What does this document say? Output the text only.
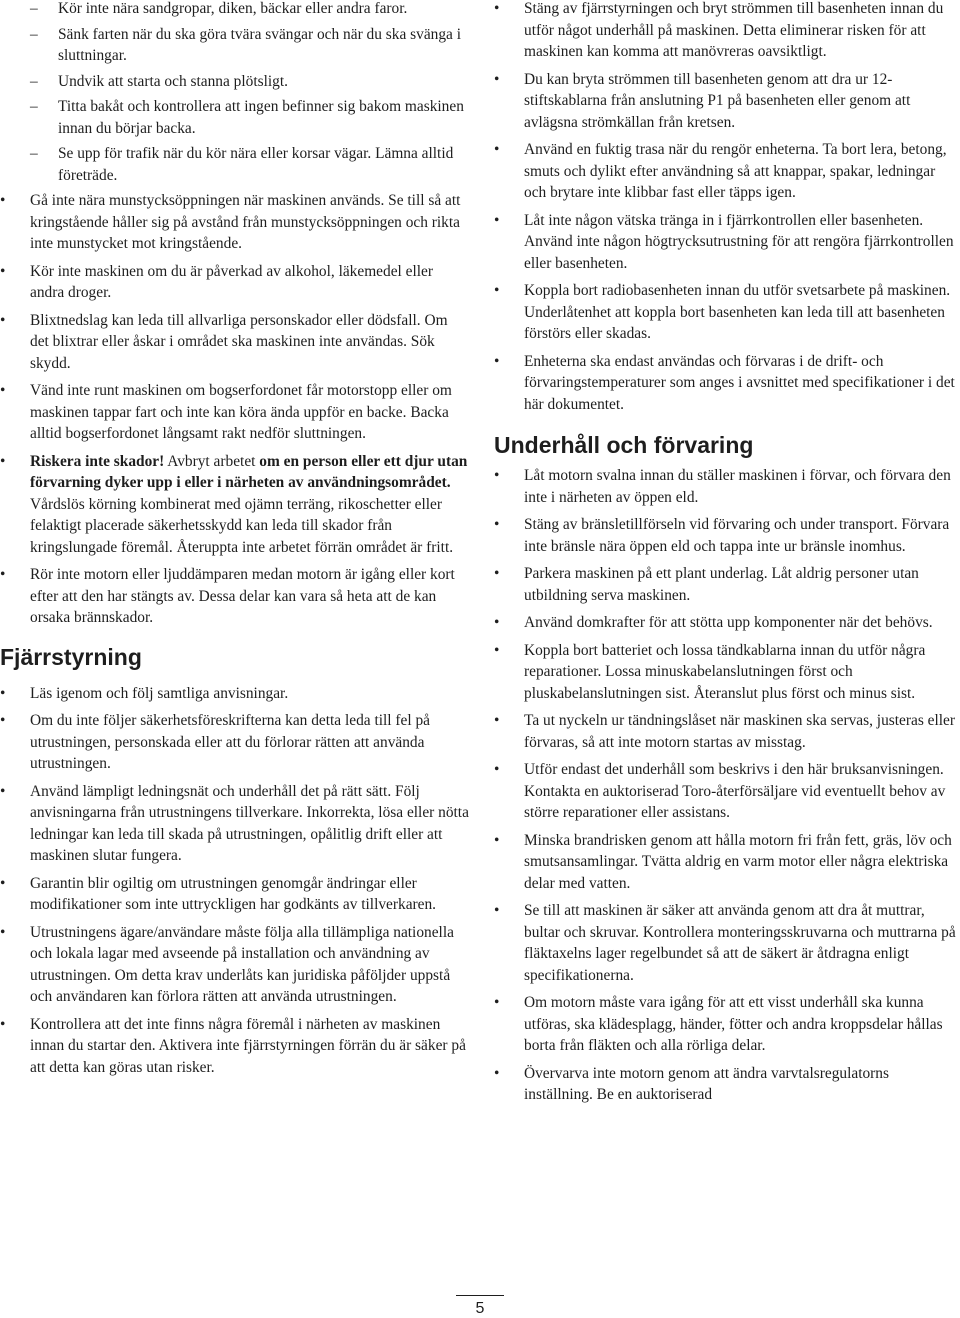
– Kör inte nära sandgropar, diken, bäckar eller andra faror.
– Sänk farten när du ska göra tvära svängar och när du ska svänga i sluttningar.
– Undvik att starta och stanna plötsligt.
– Titta bakåt och kontrollera att ingen befinner sig bakom maskinen innan du börjar backa.
– Se upp för trafik när du kör nära eller korsar vägar. Lämna alltid företräde.
• Gå inte nära munstycksöppningen när maskinen används. Se till så att kringstående håller sig på avstånd från munstycksöppningen och rikta inte munstycket mot kringstående.
• Kör inte maskinen om du är påverkad av alkohol, läkemedel eller andra droger.
• Blixtnedslag kan leda till allvarliga personskador eller dödsfall. Om det blixtrar eller åskar i området ska maskinen inte användas. Sök skydd.
• Vänd inte runt maskinen om bogserfordonet får motorstopp eller om maskinen tappar fart och inte kan köra ända uppför en backe. Backa alltid bogserfordonet långsamt rakt nedför sluttningen.
• Riskera inte skador! Avbryt arbetet om en person eller ett djur utan förvarning dyker upp i eller i närheten av användningsområdet. Vårdslös körning kombinerat med ojämn terräng, rikoschetter eller felaktigt placerade säkerhetsskydd kan leda till skador från kringslungade föremål. Återuppta inte arbetet förrän området är fritt.
• Rör inte motorn eller ljuddämparen medan motorn är igång eller kort efter att den har stängts av. Dessa delar kan vara så heta att de kan orsaka brännskador.
Fjärrstyrning
• Läs igenom och följ samtliga anvisningar.
• Om du inte följer säkerhetsföreskrifterna kan detta leda till fel på utrustningen, personskada eller att du förlorar rätten att använda utrustningen.
• Använd lämpligt ledningsnät och underhåll det på rätt sätt. Följ anvisningarna från utrustningens tillverkare. Inkorrekta, lösa eller nötta ledningar kan leda till skada på utrustningen, opålitlig drift eller att maskinen slutar fungera.
• Garantin blir ogiltig om utrustningen genomgår ändringar eller modifikationer som inte uttryckligen har godkänts av tillverkaren.
• Utrustningens ägare/användare måste följa alla tillämpliga nationella och lokala lagar med avseende på installation och användning av utrustningen. Om detta krav underlåts kan juridiska påföljder uppstå och användaren kan förlora rätten att använda utrustningen.
• Kontrollera att det inte finns några föremål i närheten av maskinen innan du startar den. Aktivera inte fjärrstyrningen förrän du är säker på att detta kan göras utan risker.
• Stäng av fjärrstyrningen och bryt strömmen till basenheten innan du utför något underhåll på maskinen. Detta eliminerar risken för att maskinen kan komma att manövreras oavsiktligt.
• Du kan bryta strömmen till basenheten genom att dra ur 12-stiftskablarna från anslutning P1 på basenheten eller genom att avlägsna strömkällan från kretsen.
• Använd en fuktig trasa när du rengör enheterna. Ta bort lera, betong, smuts och dylikt efter användning så att knappar, spakar, ledningar och brytare inte klibbar fast eller täpps igen.
• Låt inte någon vätska tränga in i fjärrkontrollen eller basenheten. Använd inte någon högtrycksutrustning för att rengöra fjärrkontrollen eller basenheten.
• Koppla bort radiobasenheten innan du utför svetsarbete på maskinen. Underlåtenhet att koppla bort basenheten kan leda till att basenheten förstörs eller skadas.
• Enheterna ska endast användas och förvaras i de drift- och förvaringstemperaturer som anges i avsnittet med specifikationer i det här dokumentet.
Underhåll och förvaring
• Låt motorn svalna innan du ställer maskinen i förvar, och förvara den inte i närheten av öppen eld.
• Stäng av bränsletillförseln vid förvaring och under transport. Förvara inte bränsle nära öppen eld och tappa inte ur bränsle inomhus.
• Parkera maskinen på ett plant underlag. Låt aldrig personer utan utbildning serva maskinen.
• Använd domkrafter för att stötta upp komponenter när det behövs.
• Koppla bort batteriet och lossa tändkablarna innan du utför några reparationer. Lossa minuskabelanslutningen först och pluskabelanslutningen sist. Återanslut plus först och minus sist.
• Ta ut nyckeln ur tändningslåset när maskinen ska servas, justeras eller förvaras, så att inte motorn startas av misstag.
• Utför endast det underhåll som beskrivs i den här bruksanvisningen. Kontakta en auktoriserad Toro-återförsäljare vid eventuellt behov av större reparationer eller assistans.
• Minska brandrisken genom att hålla motorn fri från fett, gräs, löv och smutsansamlingar. Tvätta aldrig en varm motor eller några elektriska delar med vatten.
• Se till att maskinen är säker att använda genom att dra åt muttrar, bultar och skruvar. Kontrollera monteringsskruvarna och muttrarna på fläktaxelns lager regelbundet så att de säkert är åtdragna enligt specifikationerna.
• Om motorn måste vara igång för att ett visst underhåll ska kunna utföras, ska klädesplagg, händer, fötter och andra kroppsdelar hållas borta från fläkten och alla rörliga delar.
• Övervarva inte motorn genom att ändra varvtalsregulatorns inställning. Be en auktoriserad
5
